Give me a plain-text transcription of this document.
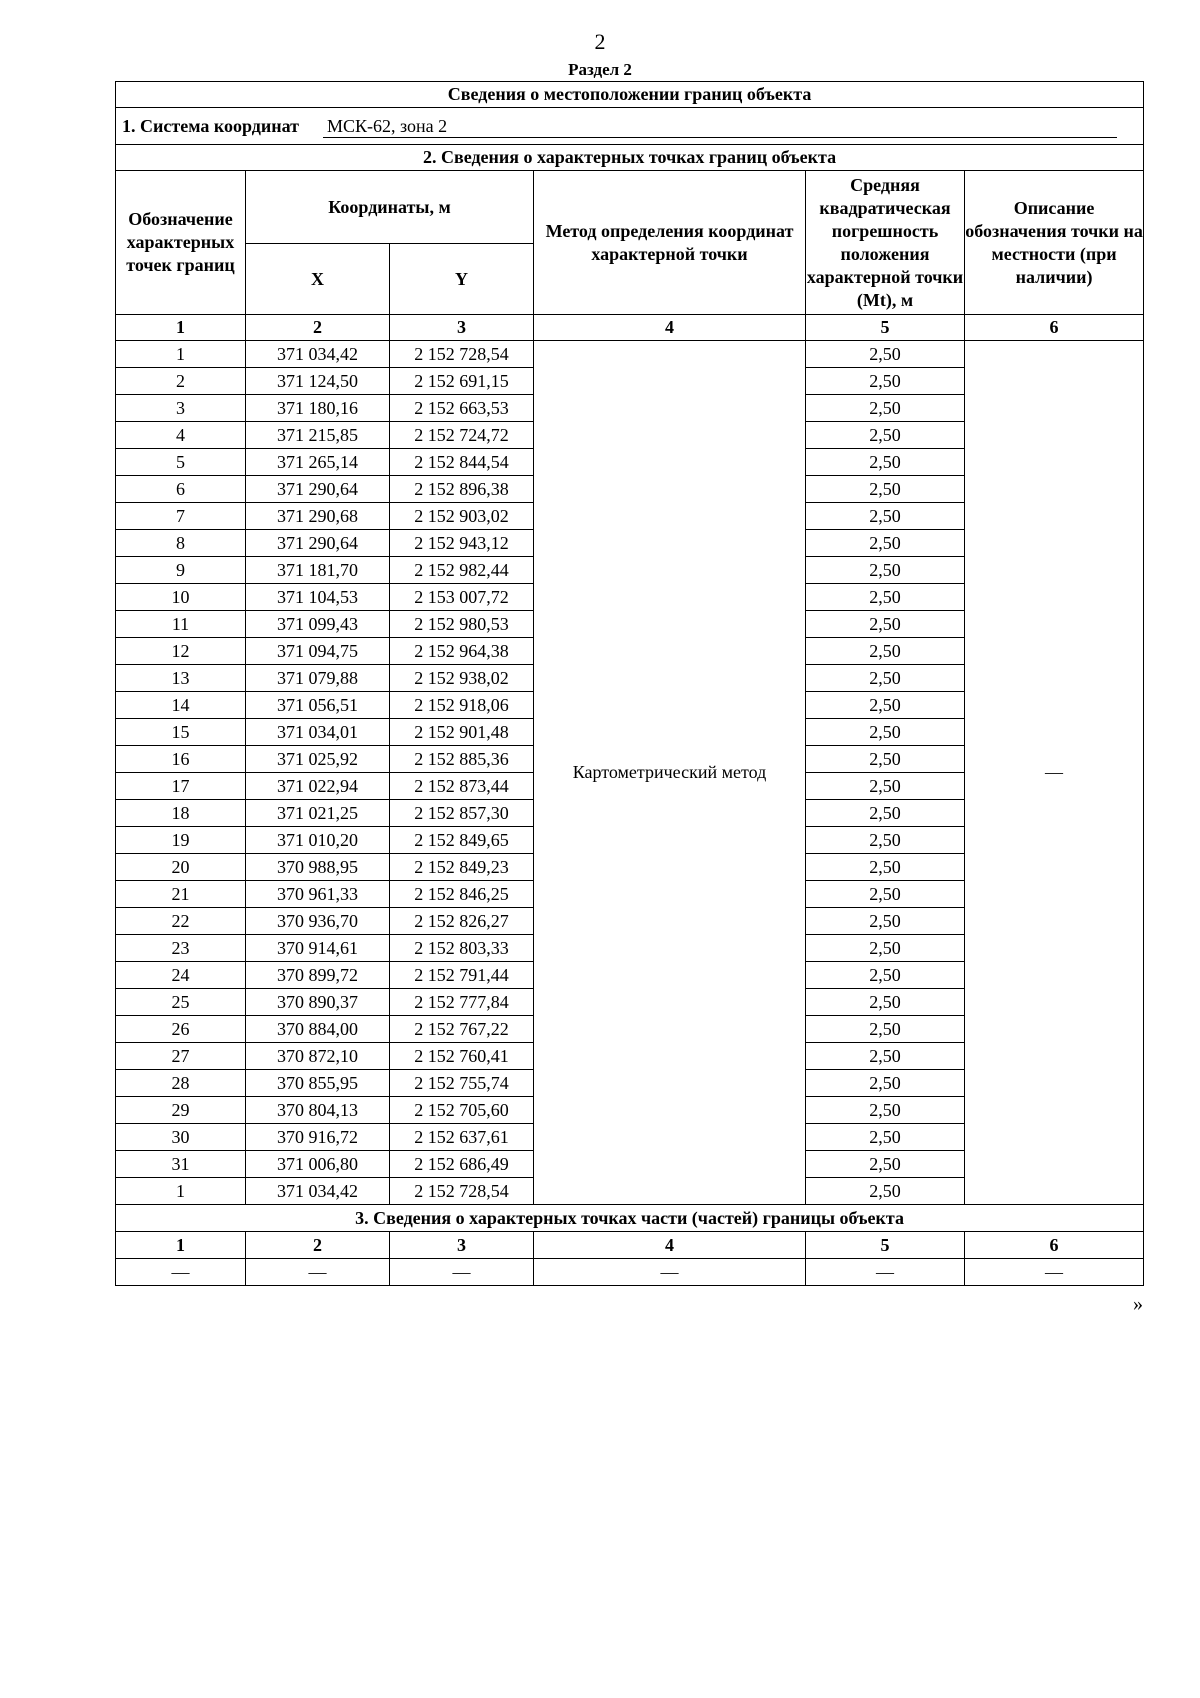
2
Раздел 2
Сведения о местоположении границ объекта					
1. Система координат МСК-62, зона 2					
2. Сведения о характерных точках границ объекта					

Обозначение характерных точек границ	Координаты, м		Метод определения координат характерной точки	Средняя квадратическая погрешность положения характерной точки (Mt), м	Описание обозначения точки на местности (при наличии)

	X	Y			

1	2	3	4	5	6
1	371 034,42	2 152 728,54	Картометрический метод	2,50	—
2	371 124,50	2 152 691,15		2,50	
3	371 180,16	2 152 663,53		2,50	
4	371 215,85	2 152 724,72		2,50	
5	371 265,14	2 152 844,54		2,50	
6	371 290,64	2 152 896,38		2,50	
7	371 290,68	2 152 903,02		2,50	
8	371 290,64	2 152 943,12		2,50	
9	371 181,70	2 152 982,44		2,50	
10	371 104,53	2 153 007,72		2,50	
11	371 099,43	2 152 980,53		2,50	
12	371 094,75	2 152 964,38		2,50	
13	371 079,88	2 152 938,02		2,50	
14	371 056,51	2 152 918,06		2,50	
15	371 034,01	2 152 901,48		2,50	
16	371 025,92	2 152 885,36		2,50	
17	371 022,94	2 152 873,44		2,50	
18	371 021,25	2 152 857,30		2,50	
19	371 010,20	2 152 849,65		2,50	
20	370 988,95	2 152 849,23		2,50	
21	370 961,33	2 152 846,25		2,50	
22	370 936,70	2 152 826,27		2,50	
23	370 914,61	2 152 803,33		2,50	
24	370 899,72	2 152 791,44		2,50	
25	370 890,37	2 152 777,84		2,50	
26	370 884,00	2 152 767,22		2,50	
27	370 872,10	2 152 760,41		2,50	
28	370 855,95	2 152 755,74		2,50	
29	370 804,13	2 152 705,60		2,50	
30	370 916,72	2 152 637,61		2,50	
31	371 006,80	2 152 686,49		2,50	
1	371 034,42	2 152 728,54		2,50	
3. Сведения о характерных точках части (частей) границы объекта					
1	2	3	4	5	6
—	—	—	—	—	—
»
